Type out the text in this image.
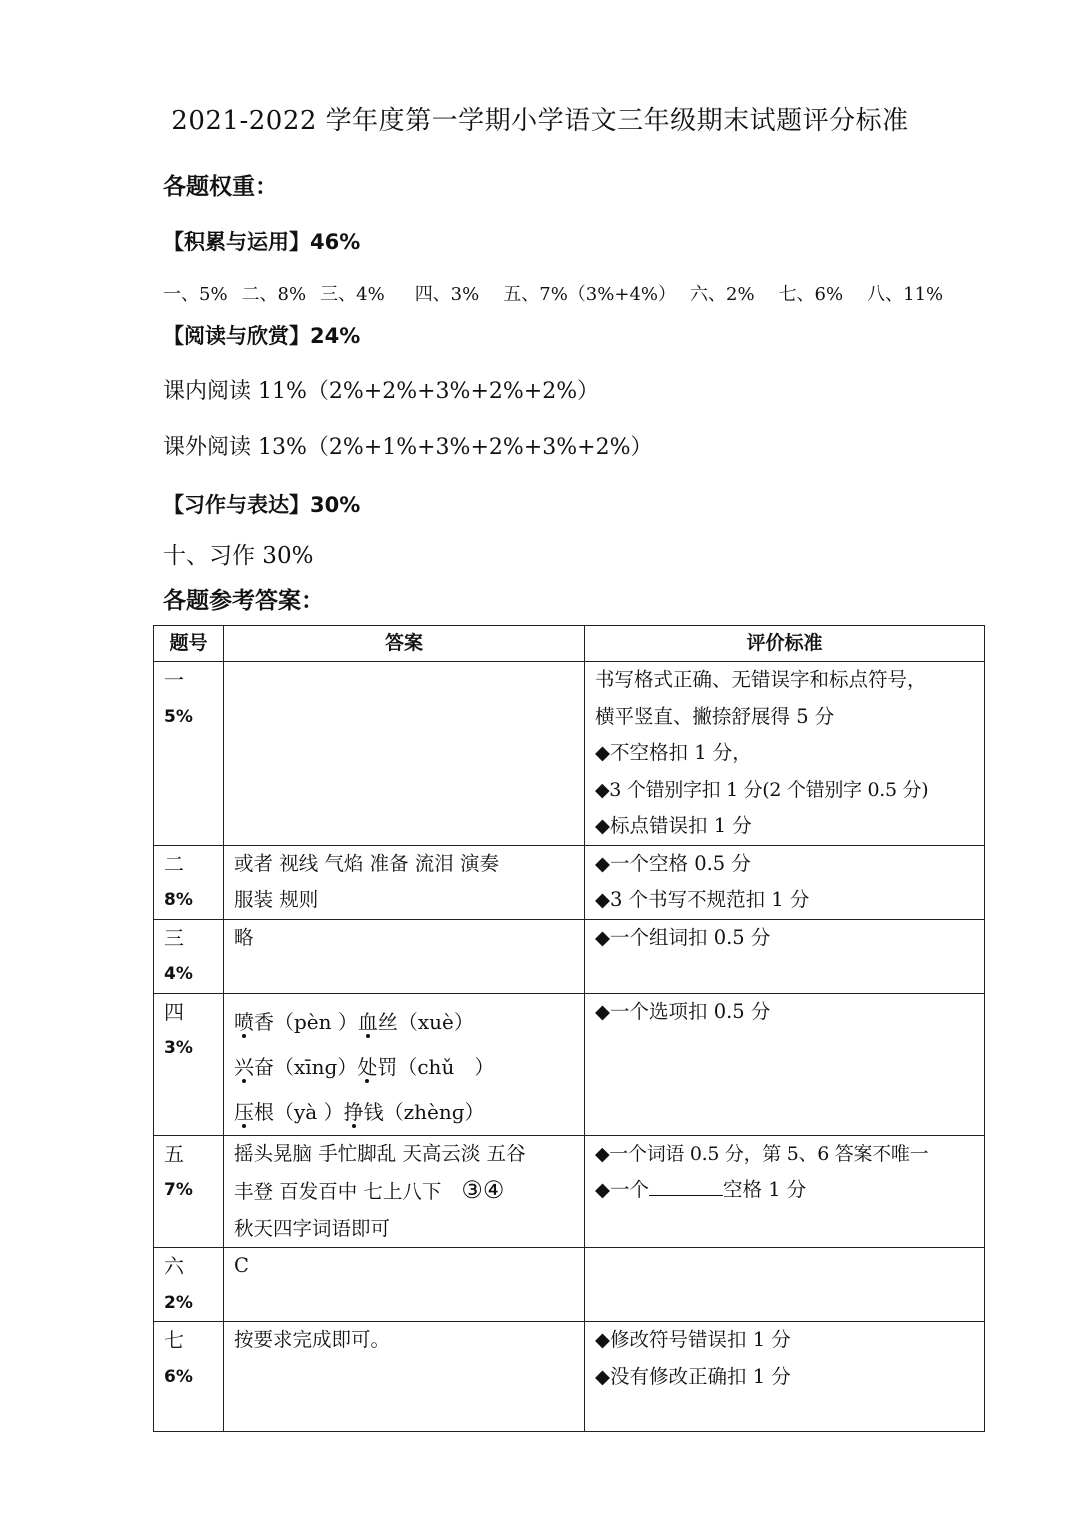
2021-2022 学年度第一学期小学语文三年级期末试题评分标准
各题权重：
【积累与运用】46%
一、5% 二、8% 三、4% 四、3% 五、7%（3%+4%） 六、2% 七、6% 八、11%
【阅读与欣赏】24%
课内阅读 11%（2%+2%+3%+2%+2%）
课外阅读 13%（2%+1%+3%+2%+3%+2%）
【习作与表达】30%
十、习作 30%
各题参考答案：
题号	答案	评价标准
一
5%		书写格式正确、无错误字和标点符号，
横平竖直、撇捺舒展得 5 分
◆不空格扣 1 分，
◆3 个错别字扣 1 分(2 个错别字 0.5 分)
◆标点错误扣 1 分

二
8%	或者 视线 气焰 准备 流泪 演奏
服装 规则	◆一个空格 0.5 分
◆3 个书写不规范扣 1 分

三
4%	略	◆一个组词扣 0.5 分

四
3%	喷香（pèn ）血丝（xuè）
兴奋（xīnɡ）处罚（chǔ　）
压根（yà ）挣钱（zhènɡ）	◆一个选项扣 0.5 分

五
7%	摇头晃脑 手忙脚乱 天高云淡 五谷
丰登 百发百中 七上八下 ③④
秋天四字词语即可	◆一个词语 0.5 分，第 5、6 答案不唯一
◆一个 空格 1 分

六
2%	C	

七
6%	按要求完成即可。	◆修改符号错误扣 1 分
◆没有修改正确扣 1 分
